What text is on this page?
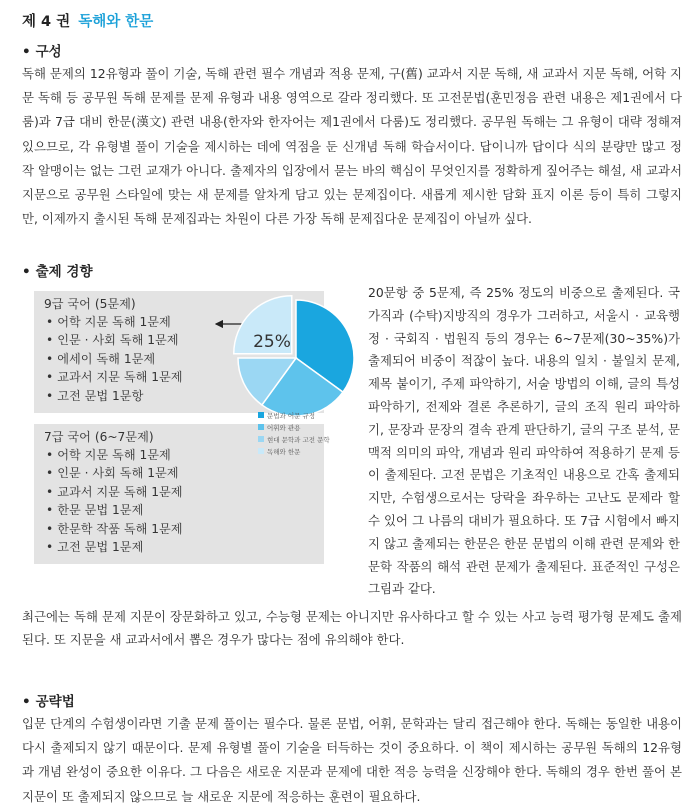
제 4 권 독해와 한문
• 구성

독해 문제의 12유형과 풀이 기술, 독해 관련 필수 개념과 적용 문제, 구(舊) 교과서 지문 독해, 새 교과서 지문 독해, 어학 지문 독해 등 공무원 독해 문제를 문제 유형과 내용 영역으로 갈라 정리했다. 또 고전문법(훈민정음 관련 내용은 제1권에서 다룸)과 7급 대비 한문(漢文) 관련 내용(한자와 한자어는 제1권에서 다룸)도 정리했다. 공무원 독해는 그 유형이 대략 정해져 있으므로, 각 유형별 풀이 기술을 제시하는 데에 역점을 둔 신개념 독해 학습서이다. 답이니까 답이다 식의 분량만 많고 정작 알맹이는 없는 그런 교재가 아니다. 출제자의 입장에서 묻는 바의 핵심이 무엇인지를 정확하게 짚어주는 해설, 새 교과서 지문으로 공무원 스타일에 맞는 새 문제를 알차게 담고 있는 문제집이다. 새롭게 제시한 담화 표지 이론 등이 특히 그렇지만, 이제까지 출시된 독해 문제집과는 차원이 다른 가장 독해 문제집다운 문제집이 아닐까 싶다.

• 출제 경향
9급 국어 (5문제)
• 어학 지문 독해 1문제
• 인문 · 사회 독해 1문제
• 에세이 독해 1문제
• 교과서 지문 독해 1문제
• 고전 문법 1문항
7급 국어 (6~7문제)
• 어학 지문 독해 1문제
• 인문 · 사회 독해 1문제
• 교과서 지문 독해 1문제
• 한문 문법 1문제
• 한문학 작품 독해 1문제
• 고전 문법 1문제
문법과 어문 규정
어휘와 관용
현대 문학과 고전 문학
독해와 한문
25%

20문항 중 5문제, 즉 25% 정도의 비중으로 출제된다. 국가직과 (수탁)지방직의 경우가 그러하고, 서울시 · 교육행정 · 국회직 · 법원직 등의 경우는 6~7문제(30~35%)가 출제되어 비중이 적잖이 높다. 내용의 일치 · 불일치 문제, 제목 붙이기, 주제 파악하기, 서술 방법의 이해, 글의 특성 파악하기, 전제와 결론 추론하기, 글의 조직 원리 파악하기, 문장과 문장의 결속 관계 판단하기, 글의 구조 분석, 문맥적 의미의 파악, 개념과 원리 파악하여 적용하기 문제 등이 출제된다. 고전 문법은 기초적인 내용으로 간혹 출제되지만, 수험생으로서는 당락을 좌우하는 고난도 문제라 할 수 있어 그 나름의 대비가 필요하다. 또 7급 시험에서 빠지지 않고 출제되는 한문은 한문 문법의 이해 관련 문제와 한문학 작품의 해석 관련 문제가 출제된다. 표준적인 구성은 그림과 같다.

최근에는 독해 문제 지문이 장문화하고 있고, 수능형 문제는 아니지만 유사하다고 할 수 있는 사고 능력 평가형 문제도 출제된다. 또 지문을 새 교과서에서 뽑은 경우가 많다는 점에 유의해야 한다.

• 공략법

입문 단계의 수험생이라면 기출 문제 풀이는 필수다. 물론 문법, 어휘, 문학과는 달리 접근해야 한다. 독해는 동일한 내용이 다시 출제되지 않기 때문이다. 문제 유형별 풀이 기술을 터득하는 것이 중요하다. 이 책이 제시하는 공무원 독해의 12유형과 개념 완성이 중요한 이유다. 그 다음은 새로운 지문과 문제에 대한 적응 능력을 신장해야 한다. 독해의 경우 한번 풀어 본 지문이 또 출제되지 않으므로 늘 새로운 지문에 적응하는 훈련이 필요하다.
